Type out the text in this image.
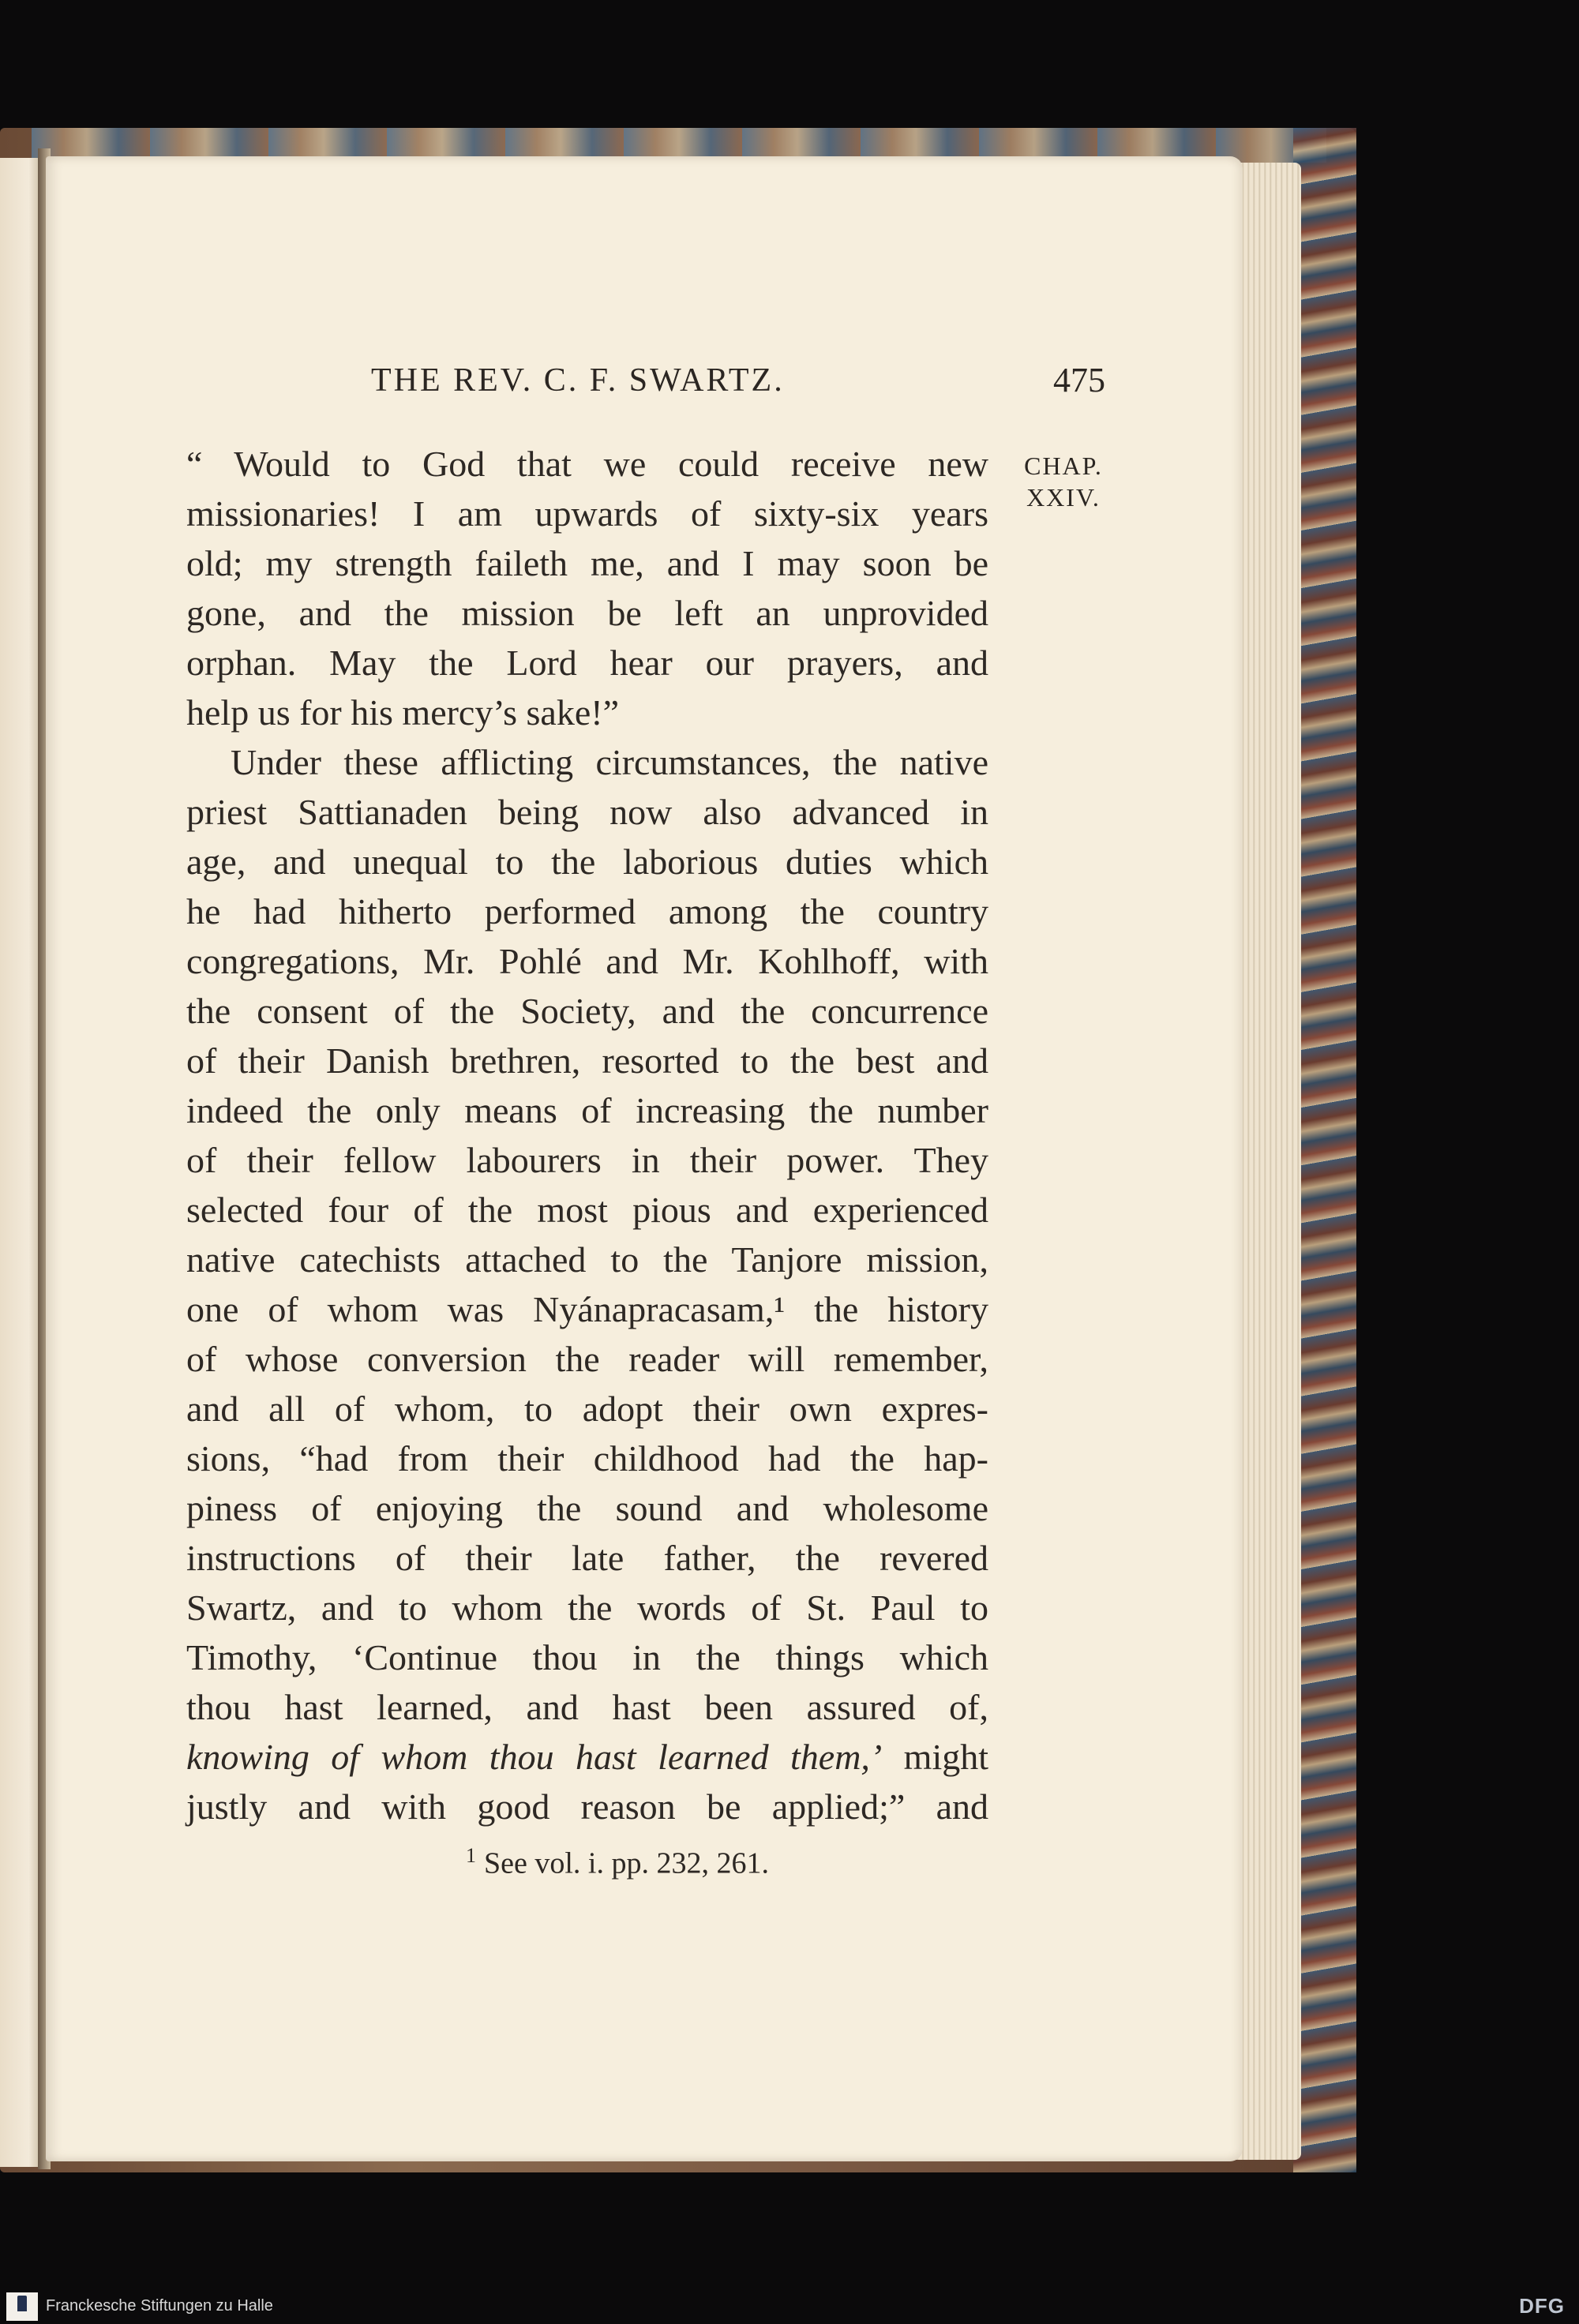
THE REV. C. F. SWARTZ.	475
CHAP.
XXIV.

“ Would to God that we could receive new

missionaries! I am upwards of sixty-six years

old; my strength faileth me, and I may soon be

gone, and the mission be left an unprovided

orphan. May the Lord hear our prayers, and

help us for his mercy’s sake!”

Under these afflicting circumstances, the native

priest Sattianaden being now also advanced in

age, and unequal to the laborious duties which

he had hitherto performed among the country

congregations, Mr. Pohlé and Mr. Kohlhoff, with

the consent of the Society, and the concurrence

of their Danish brethren, resorted to the best and

indeed the only means of increasing the number

of their fellow labourers in their power. They

selected four of the most pious and experienced

native catechists attached to the Tanjore mission,

one of whom was Nyánapracasam,¹ the history

of whose conversion the reader will remember,

and all of whom, to adopt their own expres-

sions, “had from their childhood had the hap-

piness of enjoying the sound and wholesome

instructions of their late father, the revered

Swartz, and to whom the words of St. Paul to

Timothy, ‘Continue thou in the things which

thou hast learned, and hast been assured of,

knowing of whom thou hast learned them,’ might

justly and with good reason be applied;” and

$^1$ See vol. i. pp. 232, 261.
Franckesche Stiftungen zu Halle	DFG
